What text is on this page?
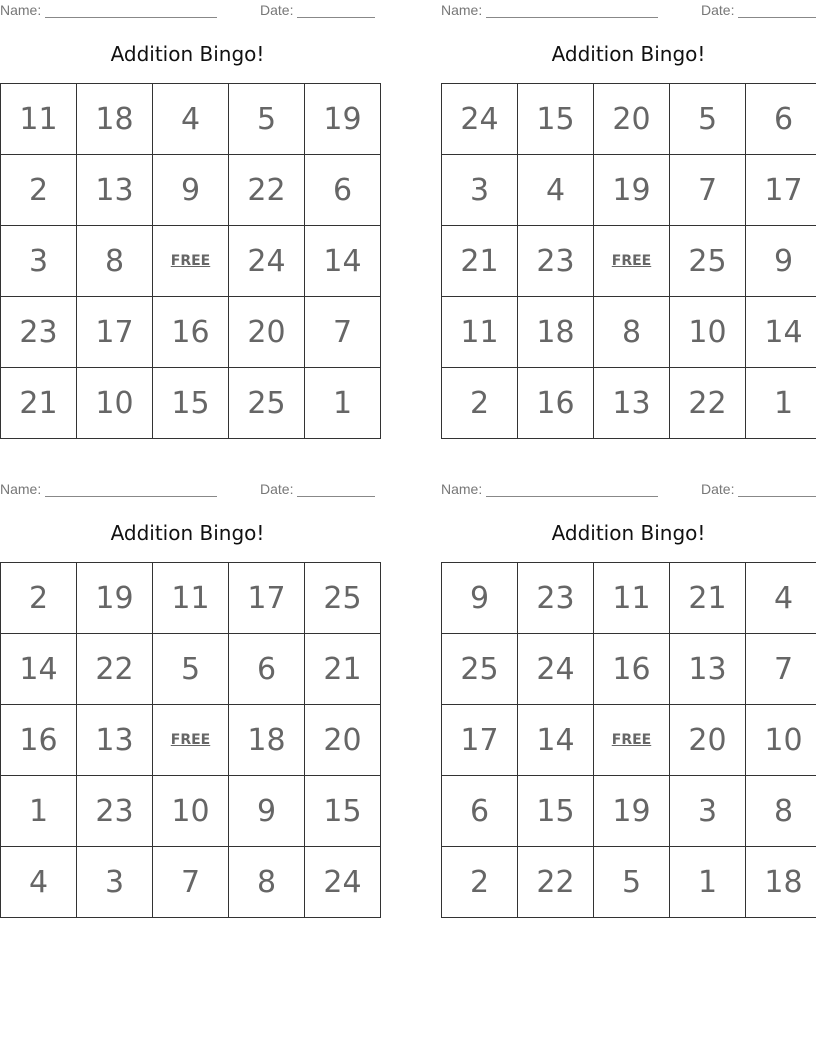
Name:	Date:
Addition Bingo!
11	18	4	5	19
2	13	9	22	6
3	8	FREE	24	14
23	17	16	20	7
21	10	15	25	1
Name:	Date:
Addition Bingo!
24	15	20	5	6
3	4	19	7	17
21	23	FREE	25	9
11	18	8	10	14
2	16	13	22	1
Name:	Date:
Addition Bingo!
2	19	11	17	25
14	22	5	6	21
16	13	FREE	18	20
1	23	10	9	15
4	3	7	8	24
Name:	Date:
Addition Bingo!
9	23	11	21	4
25	24	16	13	7
17	14	FREE	20	10
6	15	19	3	8
2	22	5	1	18
